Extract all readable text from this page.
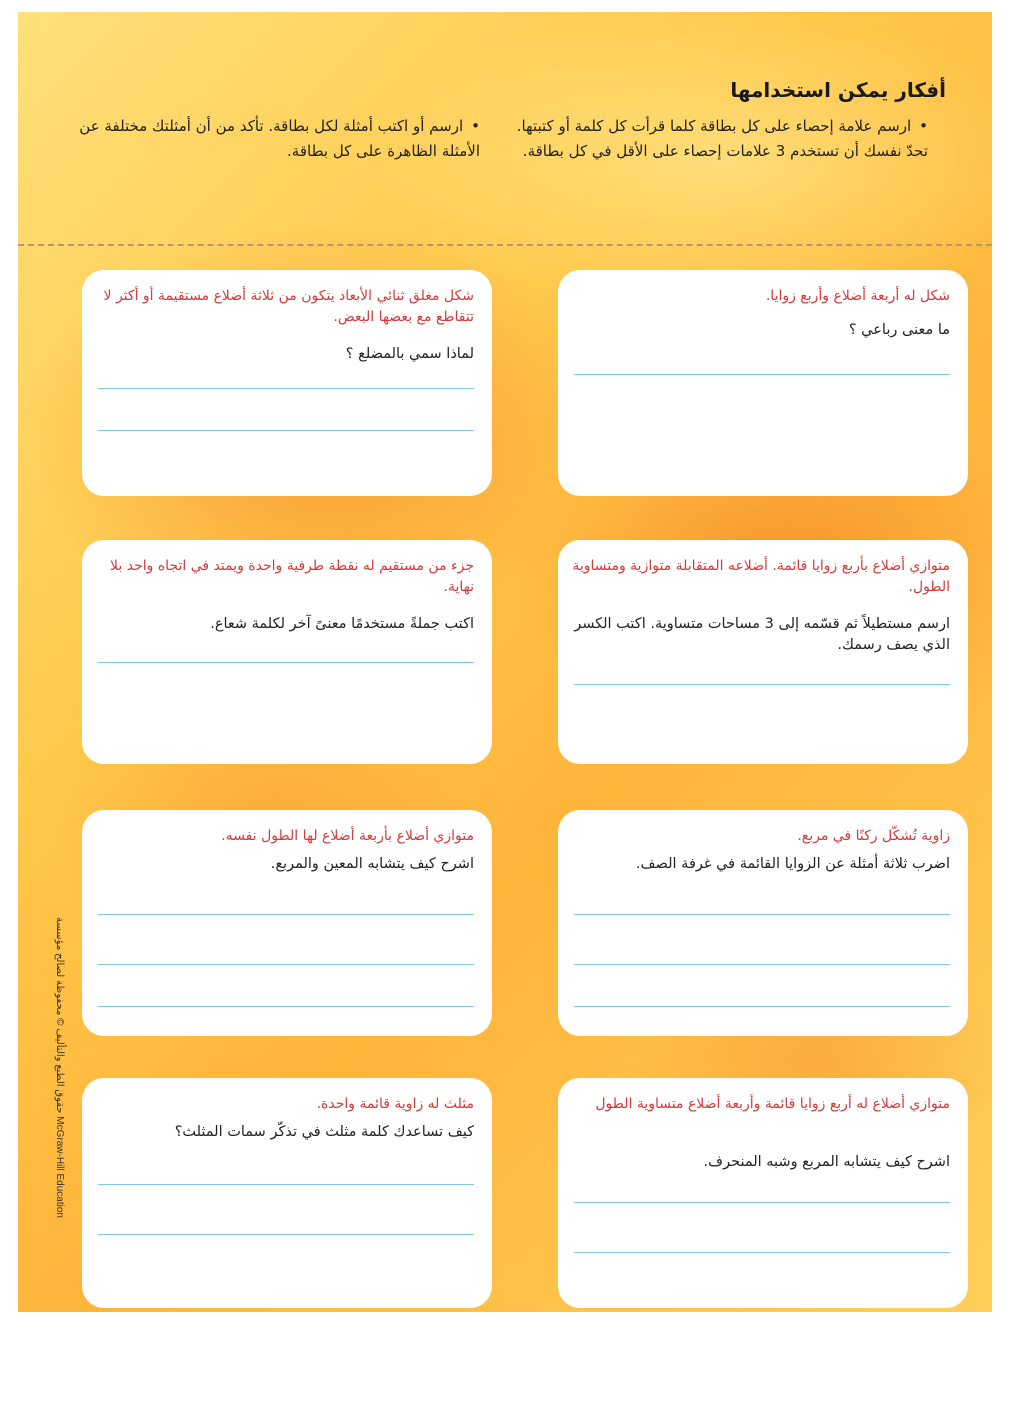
أفكار يمكن استخدامها
•ارسم علامة إحصاء على كل بطاقة كلما قرأت كل كلمة أو كتبتها. تحدّ نفسك أن تستخدم 3 علامات إحصاء على الأقل في كل بطاقة.
•ارسم أو اكتب أمثلة لكل بطاقة. تأكد من أن أمثلتك مختلفة عن الأمثلة الظاهرة على كل بطاقة.
شكل له أربعة أضلاع وأربع زوايا.
ما معنى رباعي ؟
شكل مغلق ثنائي الأبعاد يتكون من ثلاثة أضلاع مستقيمة أو أكثر لا تتقاطع مع بعضها البعض.
لماذا سمي بالمضلع ؟
متوازي أضلاع بأربع زوايا قائمة. أضلاعه المتقابلة متوازية ومتساوية الطول.
ارسم مستطيلاً ثم قسّمه إلى 3 مساحات متساوية. اكتب الكسر الذي يصف رسمك.
جزء من مستقيم له نقطة طرفية واحدة ويمتد في اتجاه واحد بلا نهاية.
اكتب جملةً مستخدمًا معنىً آخر لكلمة شعاع.
زاوية تُشكّل ركنًا في مربع.
اضرب ثلاثة أمثلة عن الزوايا القائمة في غرفة الصف.
متوازي أضلاع بأربعة أضلاع لها الطول نفسه.
اشرح كيف يتشابه المعين والمربع.
متوازي أضلاع له أربع زوايا قائمة وأربعة أضلاع متساوية الطول
اشرح كيف يتشابه المربع وشبه المنحرف.
مثلث له زاوية قائمة واحدة.
كيف تساعدك كلمة مثلث في تذكّر سمات المثلث؟
حقوق الطبع والتأليف © محفوظة لصالح مؤسسة McGraw-Hill Education
